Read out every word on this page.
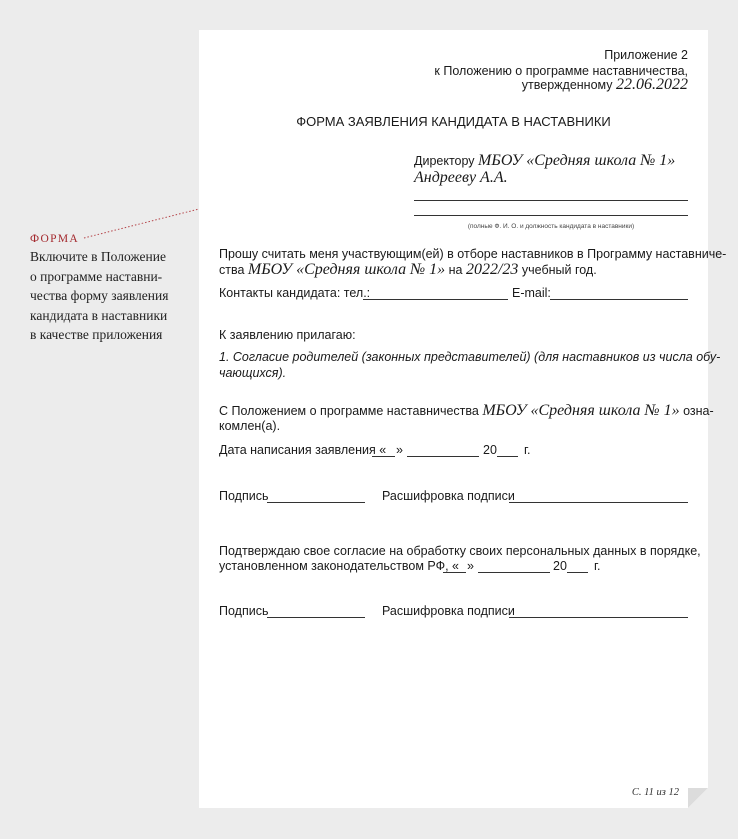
ФОРМА
Включите в Положение
о программе наставни-
чества форму заявления
кандидата в наставники
в качестве приложения
Приложение 2
к Положению о программе наставничества,
утвержденному 22.06.2022
ФОРМА ЗАЯВЛЕНИЯ КАНДИДАТА В НАСТАВНИКИ
Директору МБОУ «Средняя школа № 1»
Андрееву А.А.
(полные Ф. И. О. и должность кандидата в наставники)
Прошу считать меня участвующим(ей) в отборе наставников в Программу наставниче-
ства МБОУ «Средняя школа № 1» на 2022/23 учебный год.
Контакты кандидата: тел.:	E-mail:
К заявлению прилагаю:
1. Согласие родителей (законных представителей) (для наставников из числа обу-
чающихся).
С Положением о программе наставничества МБОУ «Средняя школа № 1» озна-
комлен(а).
Дата написания заявления « »	20 г.
Подпись	Расшифровка подписи
Подтверждаю свое согласие на обработку своих персональных данных в порядке,
установленном законодательством РФ, « »	20 г.
Подпись	Расшифровка подписи
С. 11 из 12
